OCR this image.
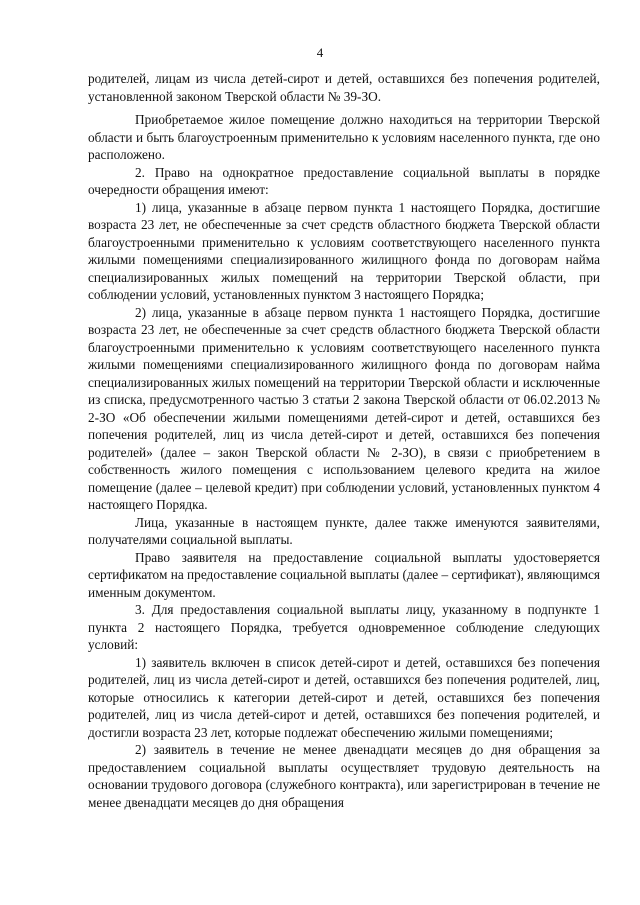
4

родителей, лицам из числа детей-сирот и детей, оставшихся без попечения родителей, установленной законом Тверской области № 39-ЗО.

Приобретаемое жилое помещение должно находиться на территории Тверской области и быть благоустроенным применительно к условиям населенного пункта, где оно расположено.

2. Право на однократное предоставление социальной выплаты в порядке очередности обращения имеют:

1) лица, указанные в абзаце первом пункта 1 настоящего Порядка, достигшие возраста 23 лет, не обеспеченные за счет средств областного бюджета Тверской области благоустроенными применительно к условиям соответствующего населенного пункта жилыми помещениями специализированного жилищного фонда по договорам найма специализированных жилых помещений на территории Тверской области, при соблюдении условий, установленных пунктом 3 настоящего Порядка;

2) лица, указанные в абзаце первом пункта 1 настоящего Порядка, достигшие возраста 23 лет, не обеспеченные за счет средств областного бюджета Тверской области благоустроенными применительно к условиям соответствующего населенного пункта жилыми помещениями специализированного жилищного фонда по договорам найма специализированных жилых помещений на территории Тверской области и исключенные из списка, предусмотренного частью 3 статьи 2 закона Тверской области от 06.02.2013 № 2-ЗО «Об обеспечении жилыми помещениями детей-сирот и детей, оставшихся без попечения родителей, лиц из числа детей-сирот и детей, оставшихся без попечения родителей» (далее – закон Тверской области № 2-ЗО), в связи с приобретением в собственность жилого помещения с использованием целевого кредита на жилое помещение (далее – целевой кредит) при соблюдении условий, установленных пунктом 4 настоящего Порядка.

Лица, указанные в настоящем пункте, далее также именуются заявителями, получателями социальной выплаты.

Право заявителя на предоставление социальной выплаты удостоверяется сертификатом на предоставление социальной выплаты (далее – сертификат), являющимся именным документом.

3. Для предоставления социальной выплаты лицу, указанному в подпункте 1 пункта 2 настоящего Порядка, требуется одновременное соблюдение следующих условий:

1) заявитель включен в список детей-сирот и детей, оставшихся без попечения родителей, лиц из числа детей-сирот и детей, оставшихся без попечения родителей, лиц, которые относились к категории детей-сирот и детей, оставшихся без попечения родителей, лиц из числа детей-сирот и детей, оставшихся без попечения родителей, и достигли возраста 23 лет, которые подлежат обеспечению жилыми помещениями;

2) заявитель в течение не менее двенадцати месяцев до дня обращения за предоставлением социальной выплаты осуществляет трудовую деятельность на основании трудового договора (служебного контракта), или зарегистрирован в течение не менее двенадцати месяцев до дня обращения
